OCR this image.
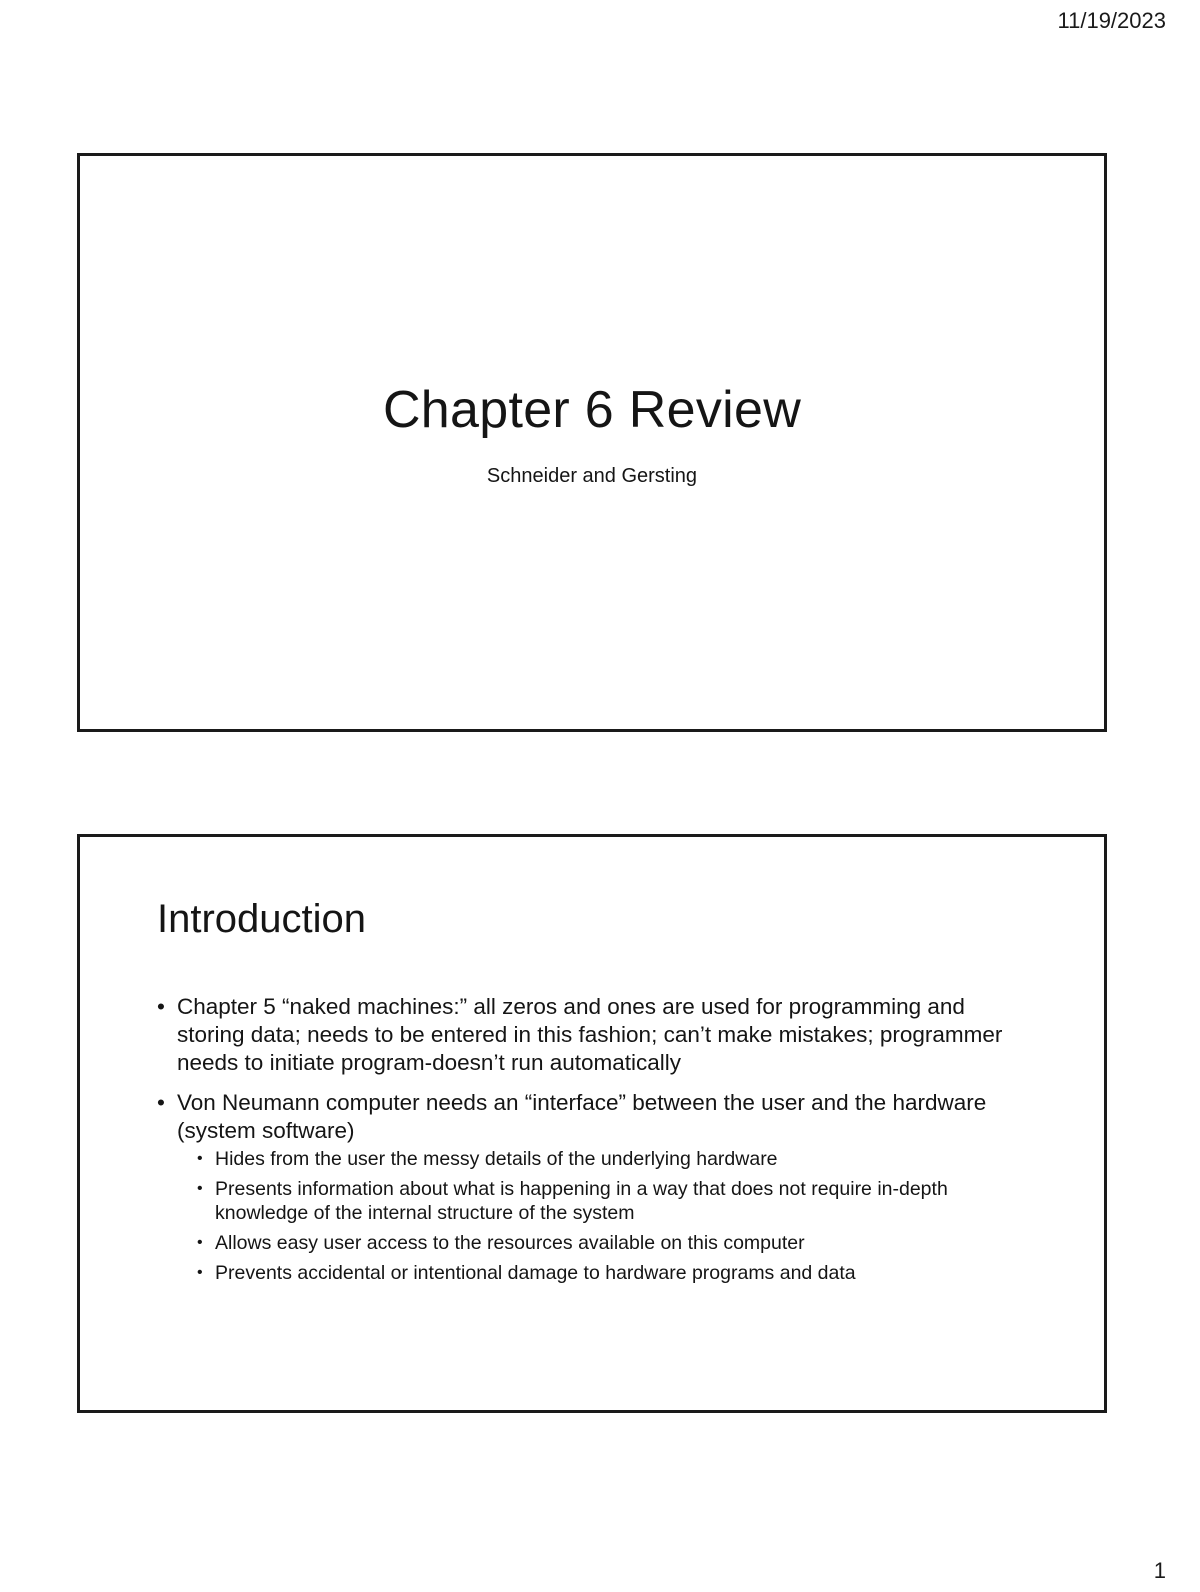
11/19/2023
Chapter 6 Review
Schneider and Gersting
Introduction
• Chapter 5 “naked machines:” all zeros and ones are used for programming and storing data; needs to be entered in this fashion; can’t make mistakes; programmer needs to initiate program-doesn’t run automatically
• Von Neumann computer needs an “interface” between the user and the hardware (system software)
• Hides from the user the messy details of the underlying hardware
• Presents information about what is happening in a way that does not require in-depth knowledge of the internal structure of the system
• Allows easy user access to the resources available on this computer
• Prevents accidental or intentional damage to hardware programs and data
1
